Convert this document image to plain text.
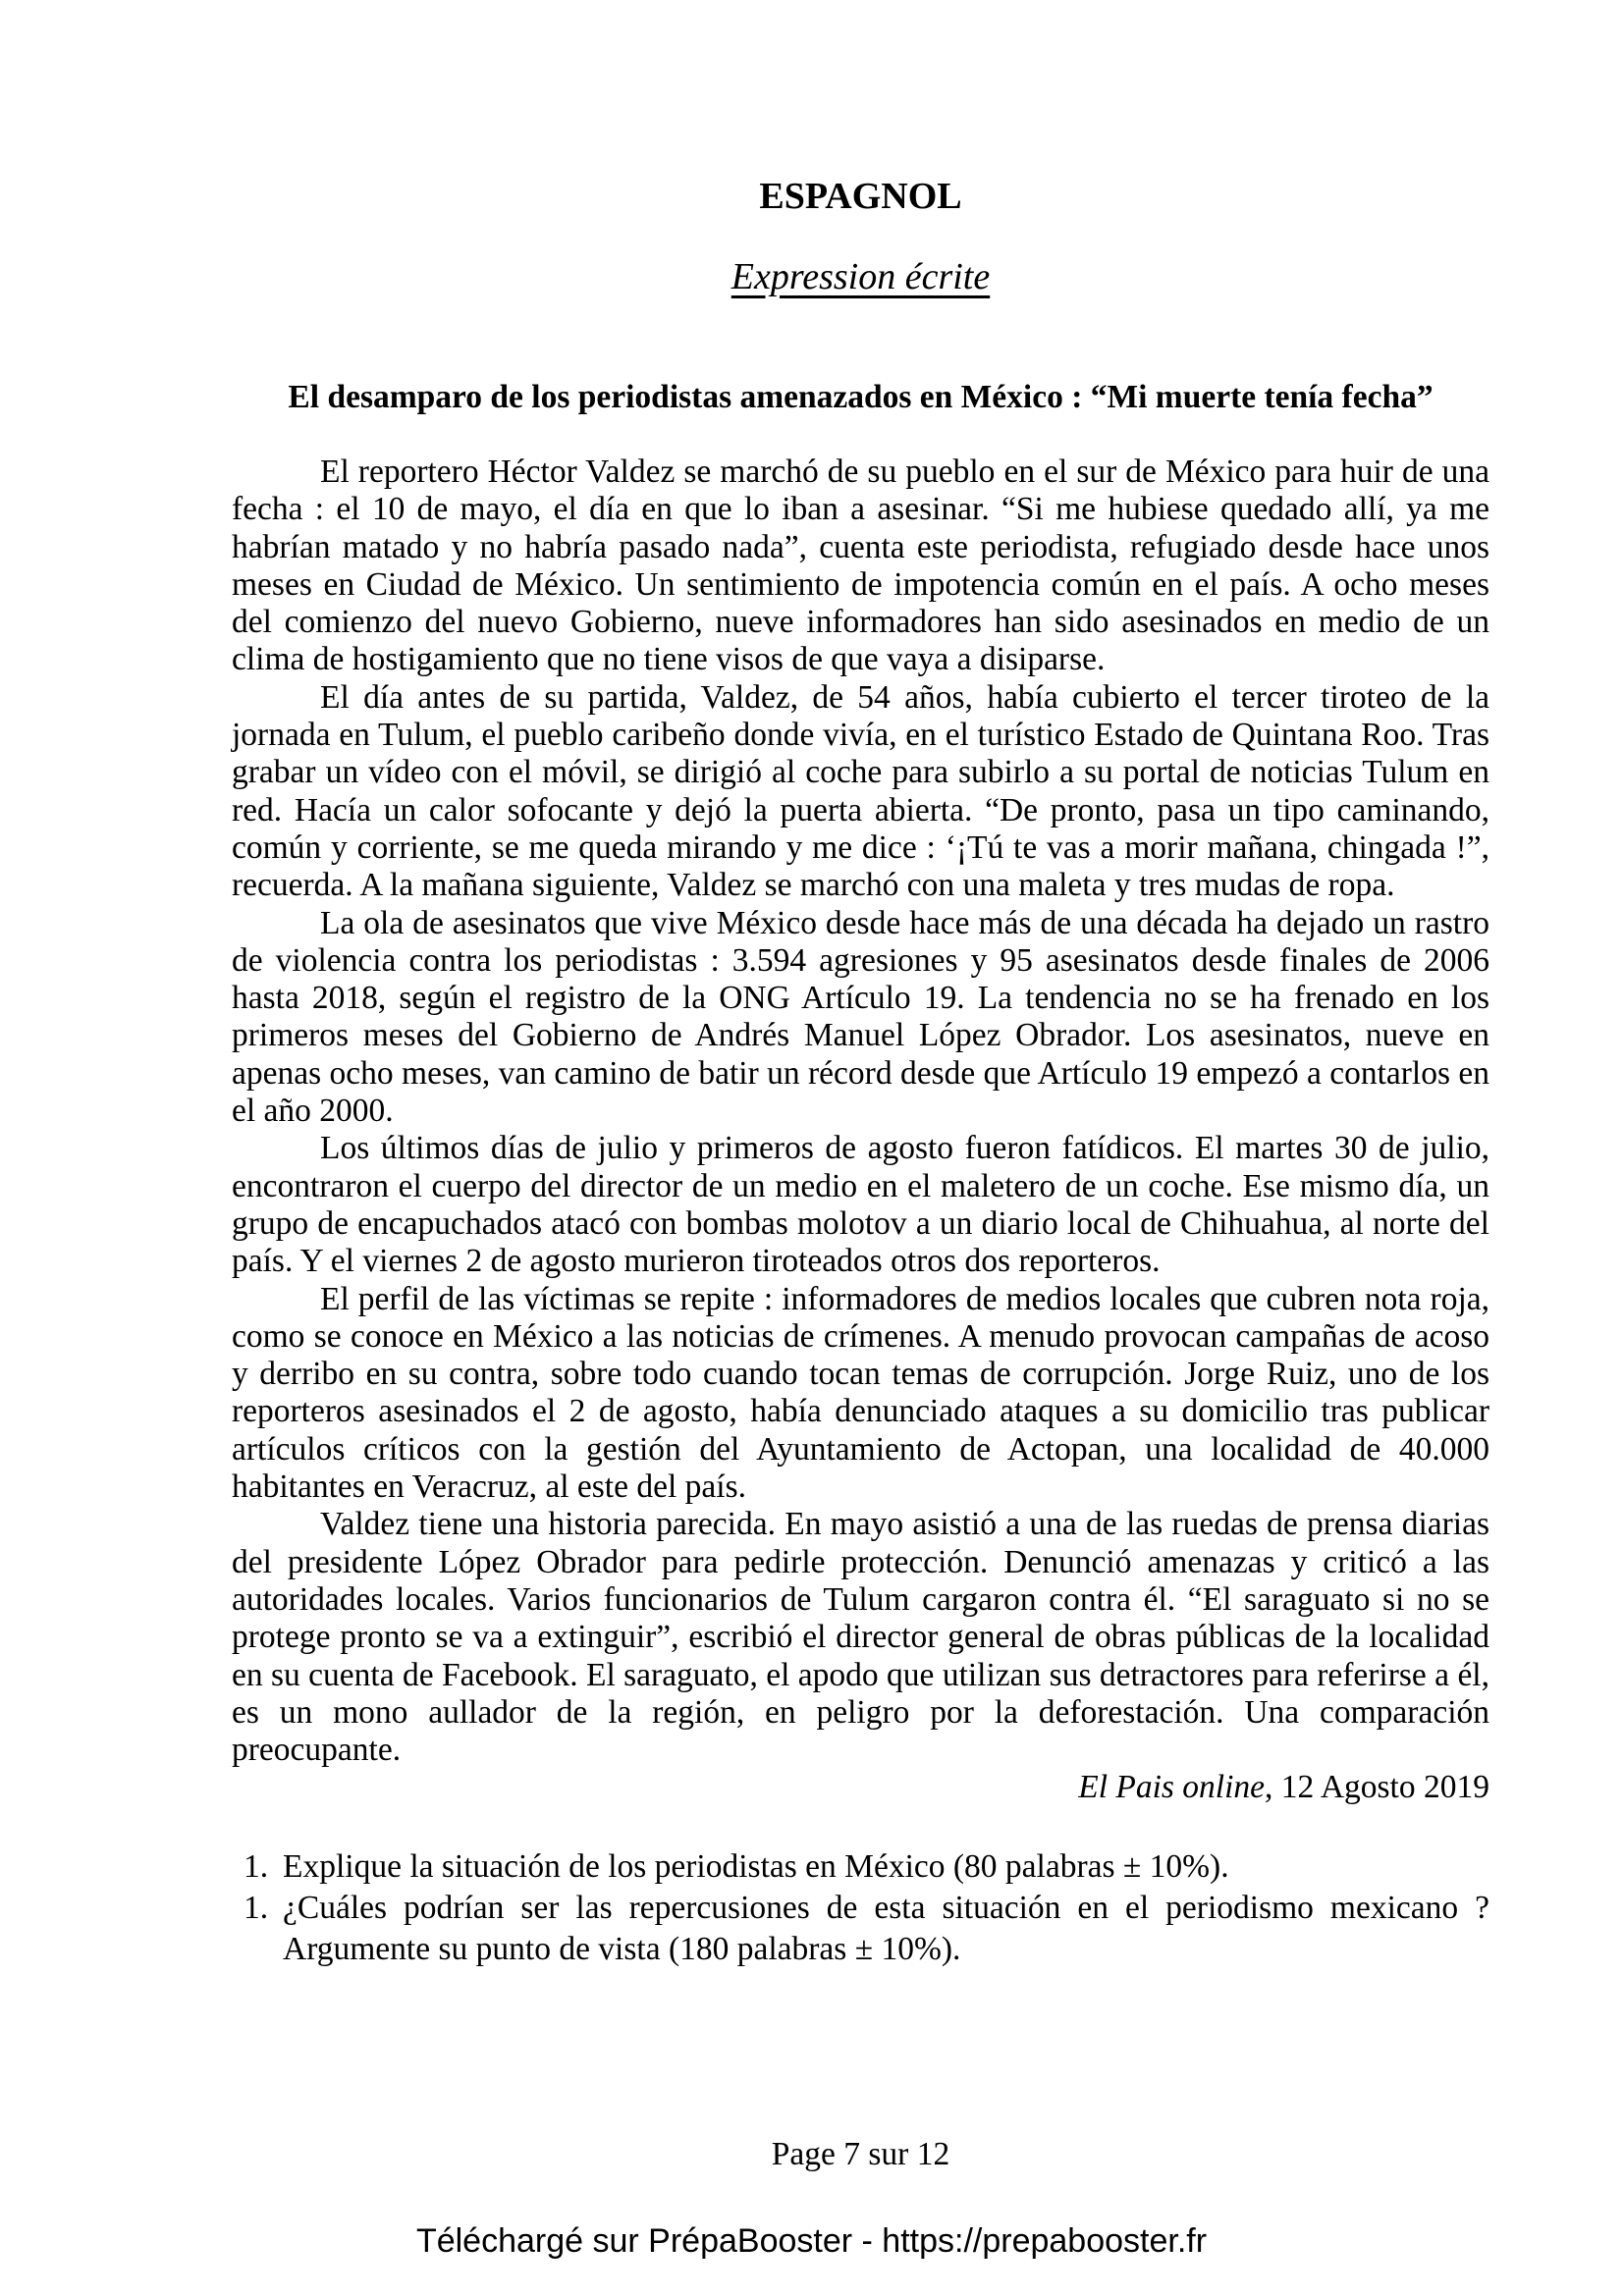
ESPAGNOL
Expression écrite
El desamparo de los periodistas amenazados en México : “Mi muerte tenía fecha”

El reportero Héctor Valdez se marchó de su pueblo en el sur de México para huir de una fecha : el 10 de mayo, el día en que lo iban a asesinar. “Si me hubiese quedado allí, ya me habrían matado y no habría pasado nada”, cuenta este periodista, refugiado desde hace unos meses en Ciudad de México. Un sentimiento de impotencia común en el país. A ocho meses del comienzo del nuevo Gobierno, nueve informadores han sido asesinados en medio de un clima de hostigamiento que no tiene visos de que vaya a disiparse.

El día antes de su partida, Valdez, de 54 años, había cubierto el tercer tiroteo de la jornada en Tulum, el pueblo caribeño donde vivía, en el turístico Estado de Quintana Roo. Tras grabar un vídeo con el móvil, se dirigió al coche para subirlo a su portal de noticias Tulum en red. Hacía un calor sofocante y dejó la puerta abierta. “De pronto, pasa un tipo caminando, común y corriente, se me queda mirando y me dice : ‘¡Tú te vas a morir mañana, chingada !”, recuerda. A la mañana siguiente, Valdez se marchó con una maleta y tres mudas de ropa.

La ola de asesinatos que vive México desde hace más de una década ha dejado un rastro de violencia contra los periodistas : 3.594 agresiones y 95 asesinatos desde finales de 2006 hasta 2018, según el registro de la ONG Artículo 19. La tendencia no se ha frenado en los primeros meses del Gobierno de Andrés Manuel López Obrador. Los asesinatos, nueve en apenas ocho meses, van camino de batir un récord desde que Artículo 19 empezó a contarlos en el año 2000.

Los últimos días de julio y primeros de agosto fueron fatídicos. El martes 30 de julio, encontraron el cuerpo del director de un medio en el maletero de un coche. Ese mismo día, un grupo de encapuchados atacó con bombas molotov a un diario local de Chihuahua, al norte del país. Y el viernes 2 de agosto murieron tiroteados otros dos reporteros.

El perfil de las víctimas se repite : informadores de medios locales que cubren nota roja, como se conoce en México a las noticias de crímenes. A menudo provocan campañas de acoso y derribo en su contra, sobre todo cuando tocan temas de corrupción. Jorge Ruiz, uno de los reporteros asesinados el 2 de agosto, había denunciado ataques a su domicilio tras publicar artículos críticos con la gestión del Ayuntamiento de Actopan, una localidad de 40.000 habitantes en Veracruz, al este del país.

Valdez tiene una historia parecida. En mayo asistió a una de las ruedas de prensa diarias del presidente López Obrador para pedirle protección. Denunció amenazas y criticó a las autoridades locales. Varios funcionarios de Tulum cargaron contra él. “El saraguato si no se protege pronto se va a extinguir”, escribió el director general de obras públicas de la localidad en su cuenta de Facebook. El saraguato, el apodo que utilizan sus detractores para referirse a él, es un mono aullador de la región, en peligro por la deforestación. Una comparación preocupante.

El Pais online, 12 Agosto 2019

1. Explique la situación de los periodistas en México (80 palabras ± 10%).

1. ¿Cuáles podrían ser las repercusiones de esta situación en el periodismo mexicano ? Argumente su punto de vista (180 palabras ± 10%).

Page 7 sur 12
Téléchargé sur PrépaBooster - https://prepabooster.fr
